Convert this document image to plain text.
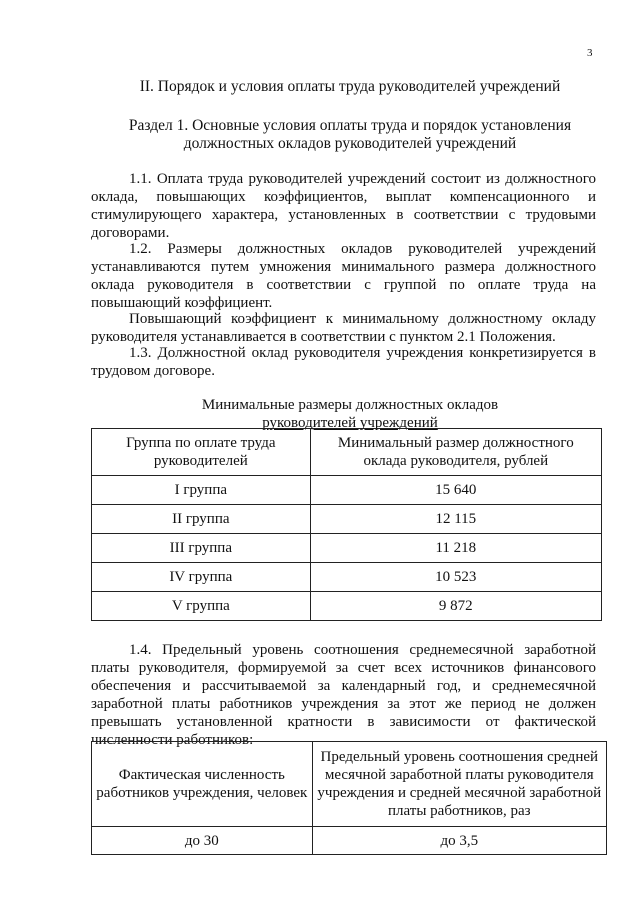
3
II. Порядок и условия оплаты труда руководителей учреждений
Раздел 1. Основные условия оплаты труда и порядок установления
должностных окладов руководителей учреждений
1.1. Оплата труда руководителей учреждений состоит из должностного оклада, повышающих коэффициентов, выплат компенсационного и стимулирующего характера, установленных в соответствии с трудовыми договорами.
1.2. Размеры должностных окладов руководителей учреждений устанавливаются путем умножения минимального размера должностного оклада руководителя в соответствии с группой по оплате труда на повышающий коэффициент.
Повышающий коэффициент к минимальному должностному окладу руководителя устанавливается в соответствии с пунктом 2.1 Положения.
1.3. Должностной оклад руководителя учреждения конкретизируется в трудовом договоре.
Минимальные размеры должностных окладов
руководителей учреждений
Группа по оплате труда руководителей	Минимальный размер должностного оклада руководителя, рублей
I группа	15 640
II группа	12 115
III группа	11 218
IV группа	10 523
V группа	9 872
1.4. Предельный уровень соотношения среднемесячной заработной платы руководителя, формируемой за счет всех источников финансового обеспечения и рассчитываемой за календарный год, и среднемесячной заработной платы работников учреждения за этот же период не должен превышать установленной кратности в зависимости от фактической численности работников:
Фактическая численность работников учреждения, человек	Предельный уровень соотношения средней месячной заработной платы руководителя учреждения и средней месячной заработной платы работников, раз
до 30	до 3,5
